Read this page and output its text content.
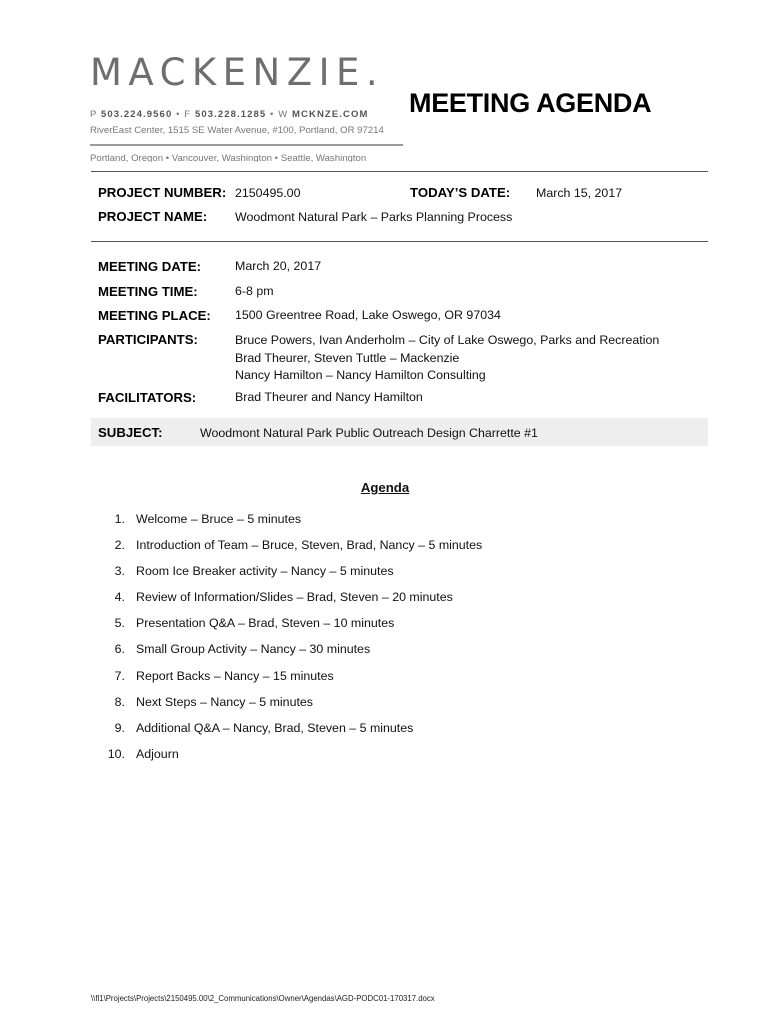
MACKENZIE.
P 503.224.9560 • F 503.228.1285 • W MCKNZE.COM
RiverEast Center, 1515 SE Water Avenue, #100, Portland, OR 97214
Portland, Oregon • Vancouver, Washington • Seattle, Washington
MEETING AGENDA
PROJECT NUMBER: 2150495.00	TODAY’S DATE: March 15, 2017
PROJECT NAME: Woodmont Natural Park – Parks Planning Process
MEETING DATE:	March 20, 2017
MEETING TIME:	6-8 pm
MEETING PLACE: 1500 Greentree Road, Lake Oswego, OR 97034
PARTICIPANTS:	Bruce Powers, Ivan Anderholm – City of Lake Oswego, Parks and Recreation
Brad Theurer, Steven Tuttle – Mackenzie
Nancy Hamilton – Nancy Hamilton Consulting
FACILITATORS:	Brad Theurer and Nancy Hamilton
SUBJECT:	Woodmont Natural Park Public Outreach Design Charrette #1
Agenda
1. Welcome – Bruce – 5 minutes
2. Introduction of Team – Bruce, Steven, Brad, Nancy – 5 minutes
3. Room Ice Breaker activity – Nancy – 5 minutes
4. Review of Information/Slides – Brad, Steven – 20 minutes
5. Presentation Q&A – Brad, Steven – 10 minutes
6. Small Group Activity – Nancy – 30 minutes
7. Report Backs – Nancy – 15 minutes
8. Next Steps – Nancy – 5 minutes
9. Additional Q&A – Nancy, Brad, Steven – 5 minutes
10. Adjourn
\\fl1\Projects\Projects\2150495.00\2_Communications\Owner\Agendas\AGD-PODC01-170317.docx
